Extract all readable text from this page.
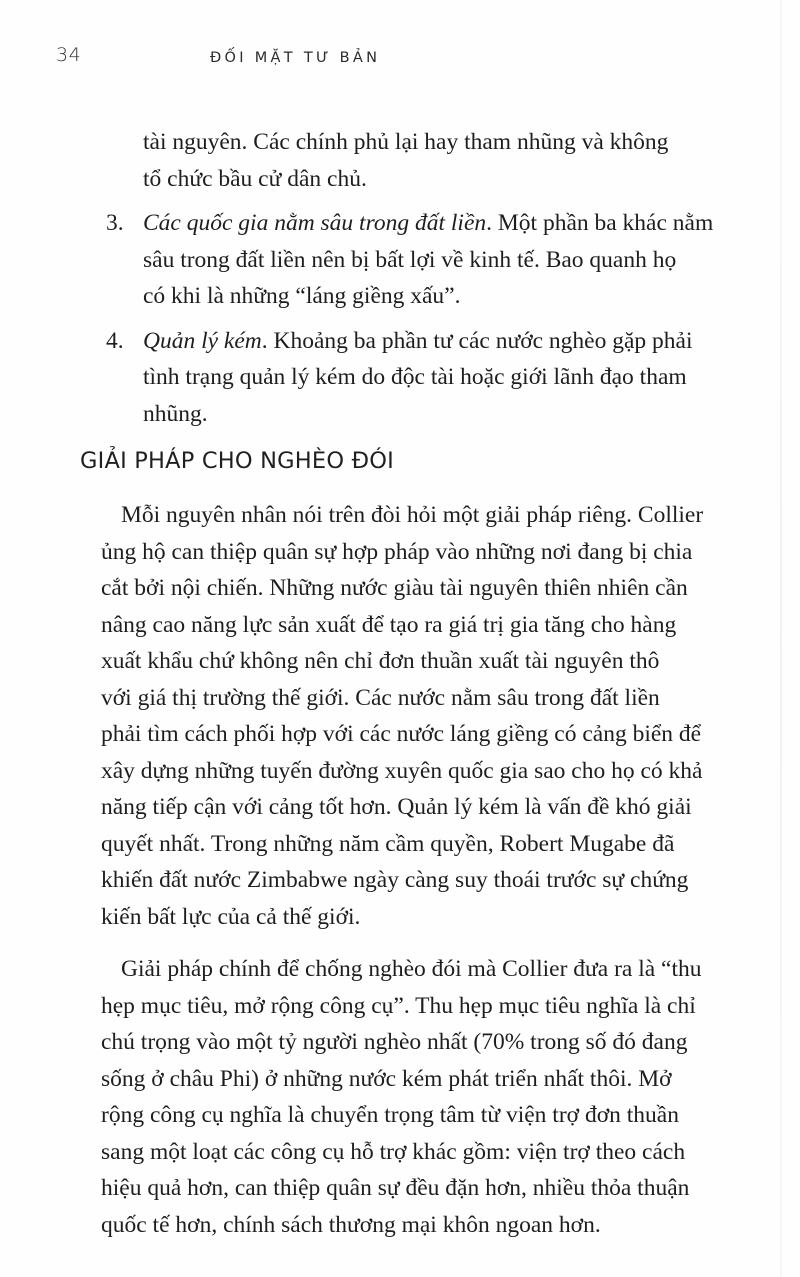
34	ĐỐI MẶT TƯ BẢN
tài nguyên. Các chính phủ lại hay tham nhũng và không
tổ chức bầu cử dân chủ.
3. Các quốc gia nằm sâu trong đất liền. Một phần ba khác nằm
sâu trong đất liền nên bị bất lợi về kinh tế. Bao quanh họ
có khi là những “láng giềng xấu”.
4. Quản lý kém. Khoảng ba phần tư các nước nghèo gặp phải
tình trạng quản lý kém do độc tài hoặc giới lãnh đạo tham
nhũng.
GIẢI PHÁP CHO NGHÈO ĐÓI
Mỗi nguyên nhân nói trên đòi hỏi một giải pháp riêng. Collier
ủng hộ can thiệp quân sự hợp pháp vào những nơi đang bị chia
cắt bởi nội chiến. Những nước giàu tài nguyên thiên nhiên cần
nâng cao năng lực sản xuất để tạo ra giá trị gia tăng cho hàng
xuất khẩu chứ không nên chỉ đơn thuần xuất tài nguyên thô
với giá thị trường thế giới. Các nước nằm sâu trong đất liền
phải tìm cách phối hợp với các nước láng giềng có cảng biển để
xây dựng những tuyến đường xuyên quốc gia sao cho họ có khả
năng tiếp cận với cảng tốt hơn. Quản lý kém là vấn đề khó giải
quyết nhất. Trong những năm cầm quyền, Robert Mugabe đã
khiến đất nước Zimbabwe ngày càng suy thoái trước sự chứng
kiến bất lực của cả thế giới.
Giải pháp chính để chống nghèo đói mà Collier đưa ra là “thu
hẹp mục tiêu, mở rộng công cụ”. Thu hẹp mục tiêu nghĩa là chỉ
chú trọng vào một tỷ người nghèo nhất (70% trong số đó đang
sống ở châu Phi) ở những nước kém phát triển nhất thôi. Mở
rộng công cụ nghĩa là chuyển trọng tâm từ viện trợ đơn thuần
sang một loạt các công cụ hỗ trợ khác gồm: viện trợ theo cách
hiệu quả hơn, can thiệp quân sự đều đặn hơn, nhiều thỏa thuận
quốc tế hơn, chính sách thương mại khôn ngoan hơn.
